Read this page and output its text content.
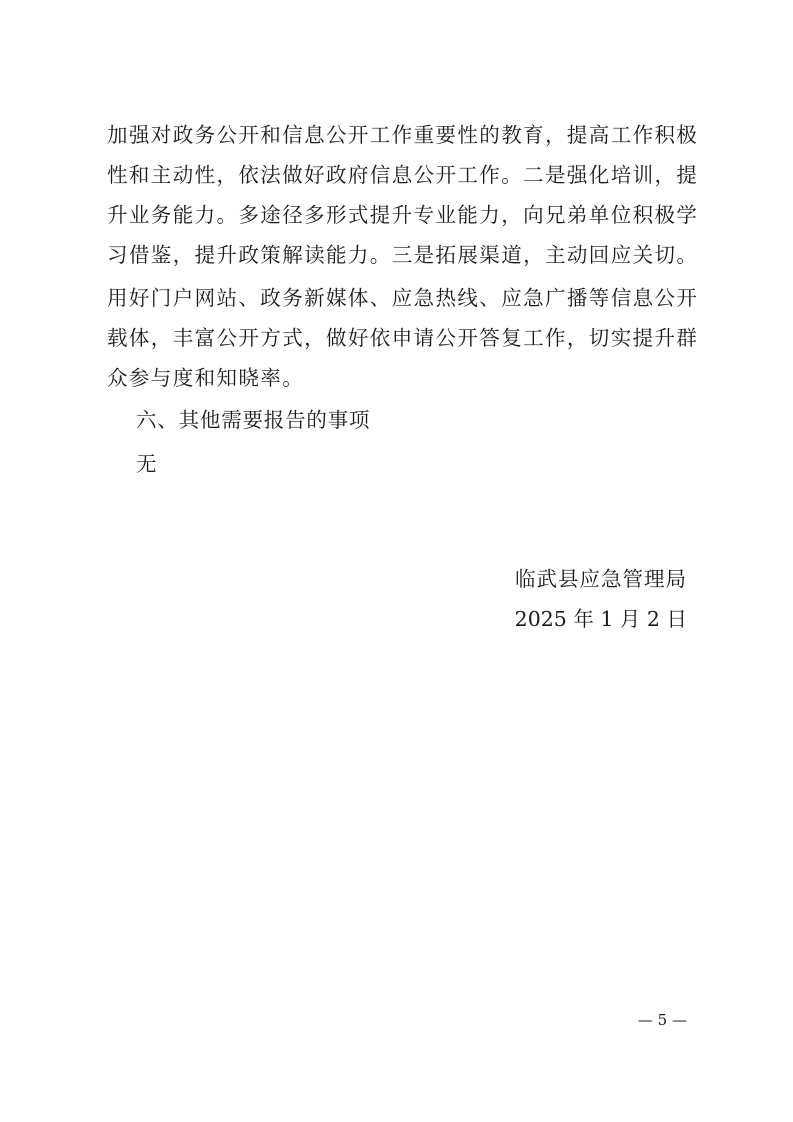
加强对政务公开和信息公开工作重要性的教育，提高工作积极
性和主动性，依法做好政府信息公开工作。二是强化培训，提
升业务能力。多途径多形式提升专业能力，向兄弟单位积极学
习借鉴，提升政策解读能力。三是拓展渠道，主动回应关切。
用好门户网站、政务新媒体、应急热线、应急广播等信息公开
载体，丰富公开方式，做好依申请公开答复工作，切实提升群
众参与度和知晓率。
六、其他需要报告的事项
无
临武县应急管理局
2025 年 1 月 2 日
— 5 —
